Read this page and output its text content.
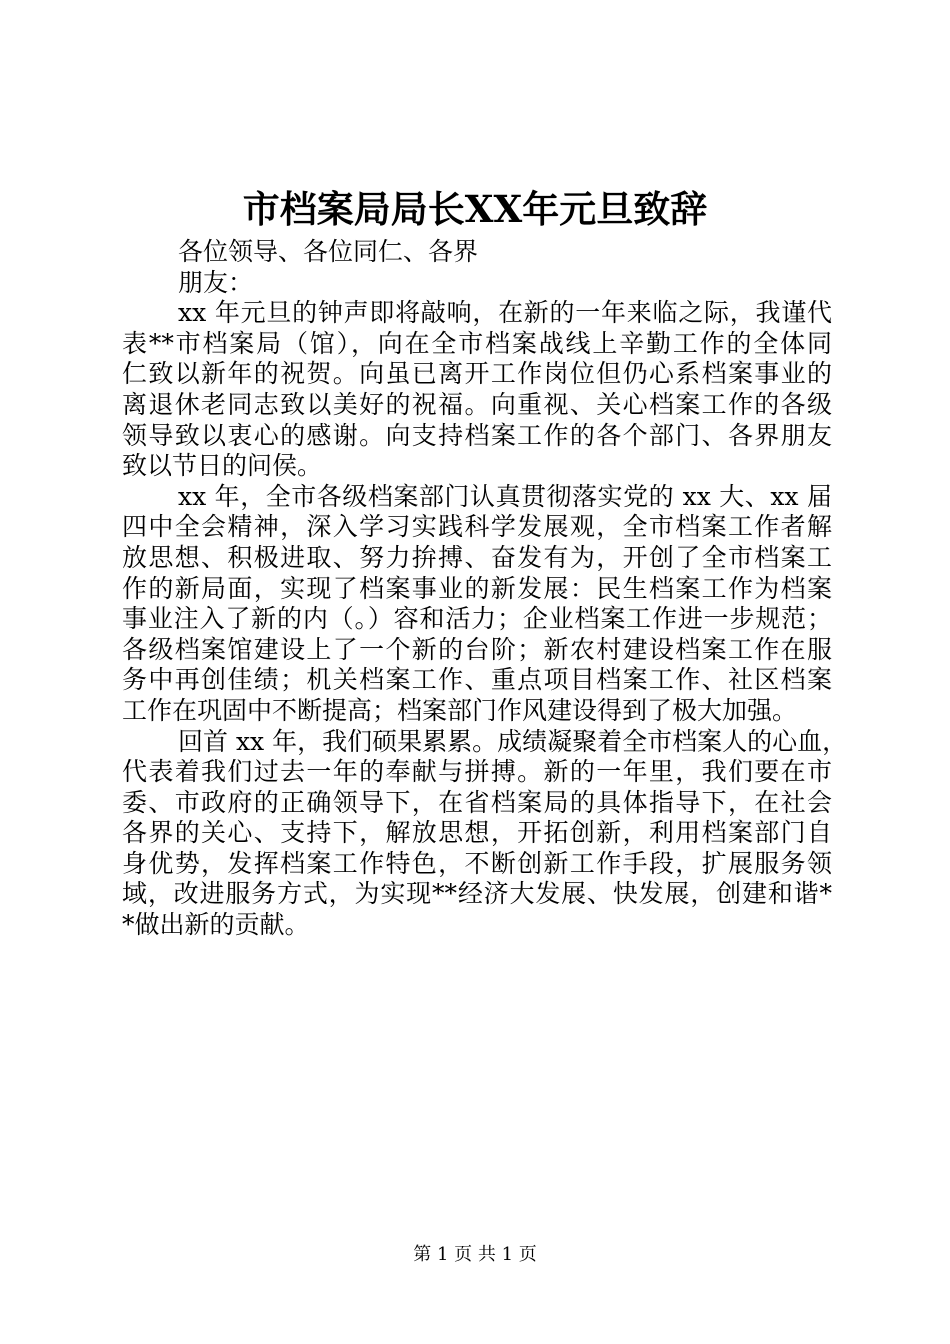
市档案局局长XX年元旦致辞
各位领导、各位同仁、各界
朋友：
xx 年元旦的钟声即将敲响，在新的一年来临之际，我谨代
表**市档案局（馆），向在全市档案战线上辛勤工作的全体同
仁致以新年的祝贺。向虽已离开工作岗位但仍心系档案事业的
离退休老同志致以美好的祝福。向重视、关心档案工作的各级
领导致以衷心的感谢。向支持档案工作的各个部门、各界朋友
致以节日的问侯。
xx 年，全市各级档案部门认真贯彻落实党的 xx 大、xx 届
四中全会精神，深入学习实践科学发展观，全市档案工作者解
放思想、积极进取、努力拚搏、奋发有为，开创了全市档案工
作的新局面，实现了档案事业的新发展：民生档案工作为档案
事业注入了新的内（。）容和活力；企业档案工作进一步规范；
各级档案馆建设上了一个新的台阶；新农村建设档案工作在服
务中再创佳绩；机关档案工作、重点项目档案工作、社区档案
工作在巩固中不断提高；档案部门作风建设得到了极大加强。
回首 xx 年，我们硕果累累。成绩凝聚着全市档案人的心血，
代表着我们过去一年的奉献与拼搏。新的一年里，我们要在市
委、市政府的正确领导下，在省档案局的具体指导下，在社会
各界的关心、支持下，解放思想，开拓创新，利用档案部门自
身优势，发挥档案工作特色，不断创新工作手段，扩展服务领
域，改进服务方式，为实现**经济大发展、快发展，创建和谐*
*做出新的贡献。
第 1 页 共 1 页
